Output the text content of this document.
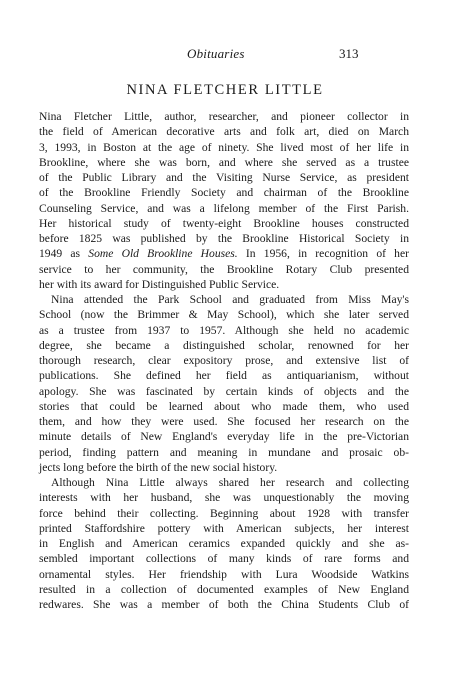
Obituaries	313
NINA FLETCHER LITTLE
Nina Fletcher Little, author, researcher, and pioneer collector in
the field of American decorative arts and folk art, died on March
3, 1993, in Boston at the age of ninety. She lived most of her life in
Brookline, where she was born, and where she served as a trustee
of the Public Library and the Visiting Nurse Service, as president
of the Brookline Friendly Society and chairman of the Brookline
Counseling Service, and was a lifelong member of the First Parish.
Her historical study of twenty-eight Brookline houses constructed
before 1825 was published by the Brookline Historical Society in
1949 as Some Old Brookline Houses. In 1956, in recognition of her
service to her community, the Brookline Rotary Club presented
her with its award for Distinguished Public Service.
Nina attended the Park School and graduated from Miss May's
School (now the Brimmer & May School), which she later served
as a trustee from 1937 to 1957. Although she held no academic
degree, she became a distinguished scholar, renowned for her
thorough research, clear expository prose, and extensive list of
publications. She defined her field as antiquarianism, without
apology. She was fascinated by certain kinds of objects and the
stories that could be learned about who made them, who used
them, and how they were used. She focused her research on the
minute details of New England's everyday life in the pre-Victorian
period, finding pattern and meaning in mundane and prosaic ob-
jects long before the birth of the new social history.
Although Nina Little always shared her research and collecting
interests with her husband, she was unquestionably the moving
force behind their collecting. Beginning about 1928 with transfer
printed Staffordshire pottery with American subjects, her interest
in English and American ceramics expanded quickly and she as-
sembled important collections of many kinds of rare forms and
ornamental styles. Her friendship with Lura Woodside Watkins
resulted in a collection of documented examples of New England
redwares. She was a member of both the China Students Club of
